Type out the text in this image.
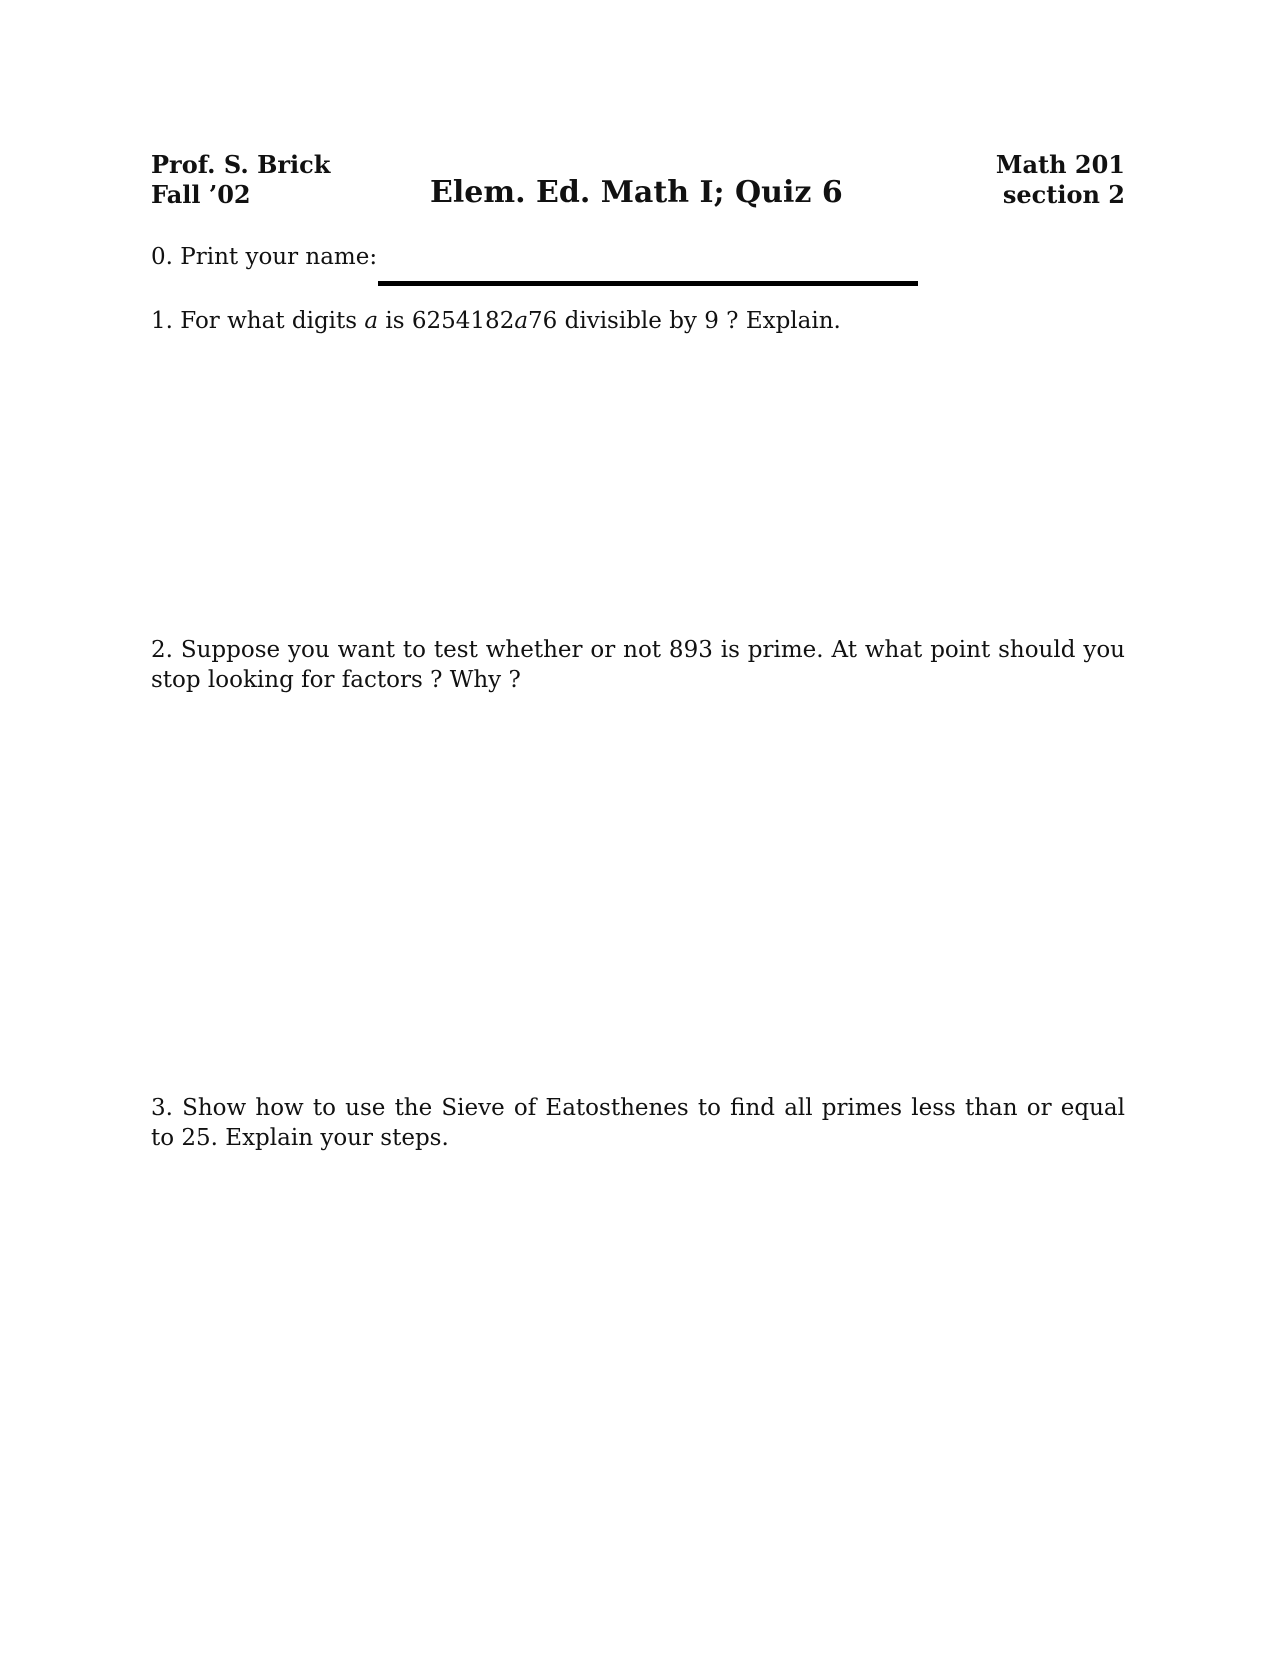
Prof. S. Brick
Fall ’02	Elem. Ed. Math I; Quiz 6
Math 201
section 2
0. Print your name:
1. For what digits a is 6254182a76 divisible by 9 ? Explain.
2. Suppose you want to test whether or not 893 is prime. At what point should you stop looking for factors ? Why ?
3. Show how to use the Sieve of Eatosthenes to find all primes less than or equal to 25. Explain your steps.
